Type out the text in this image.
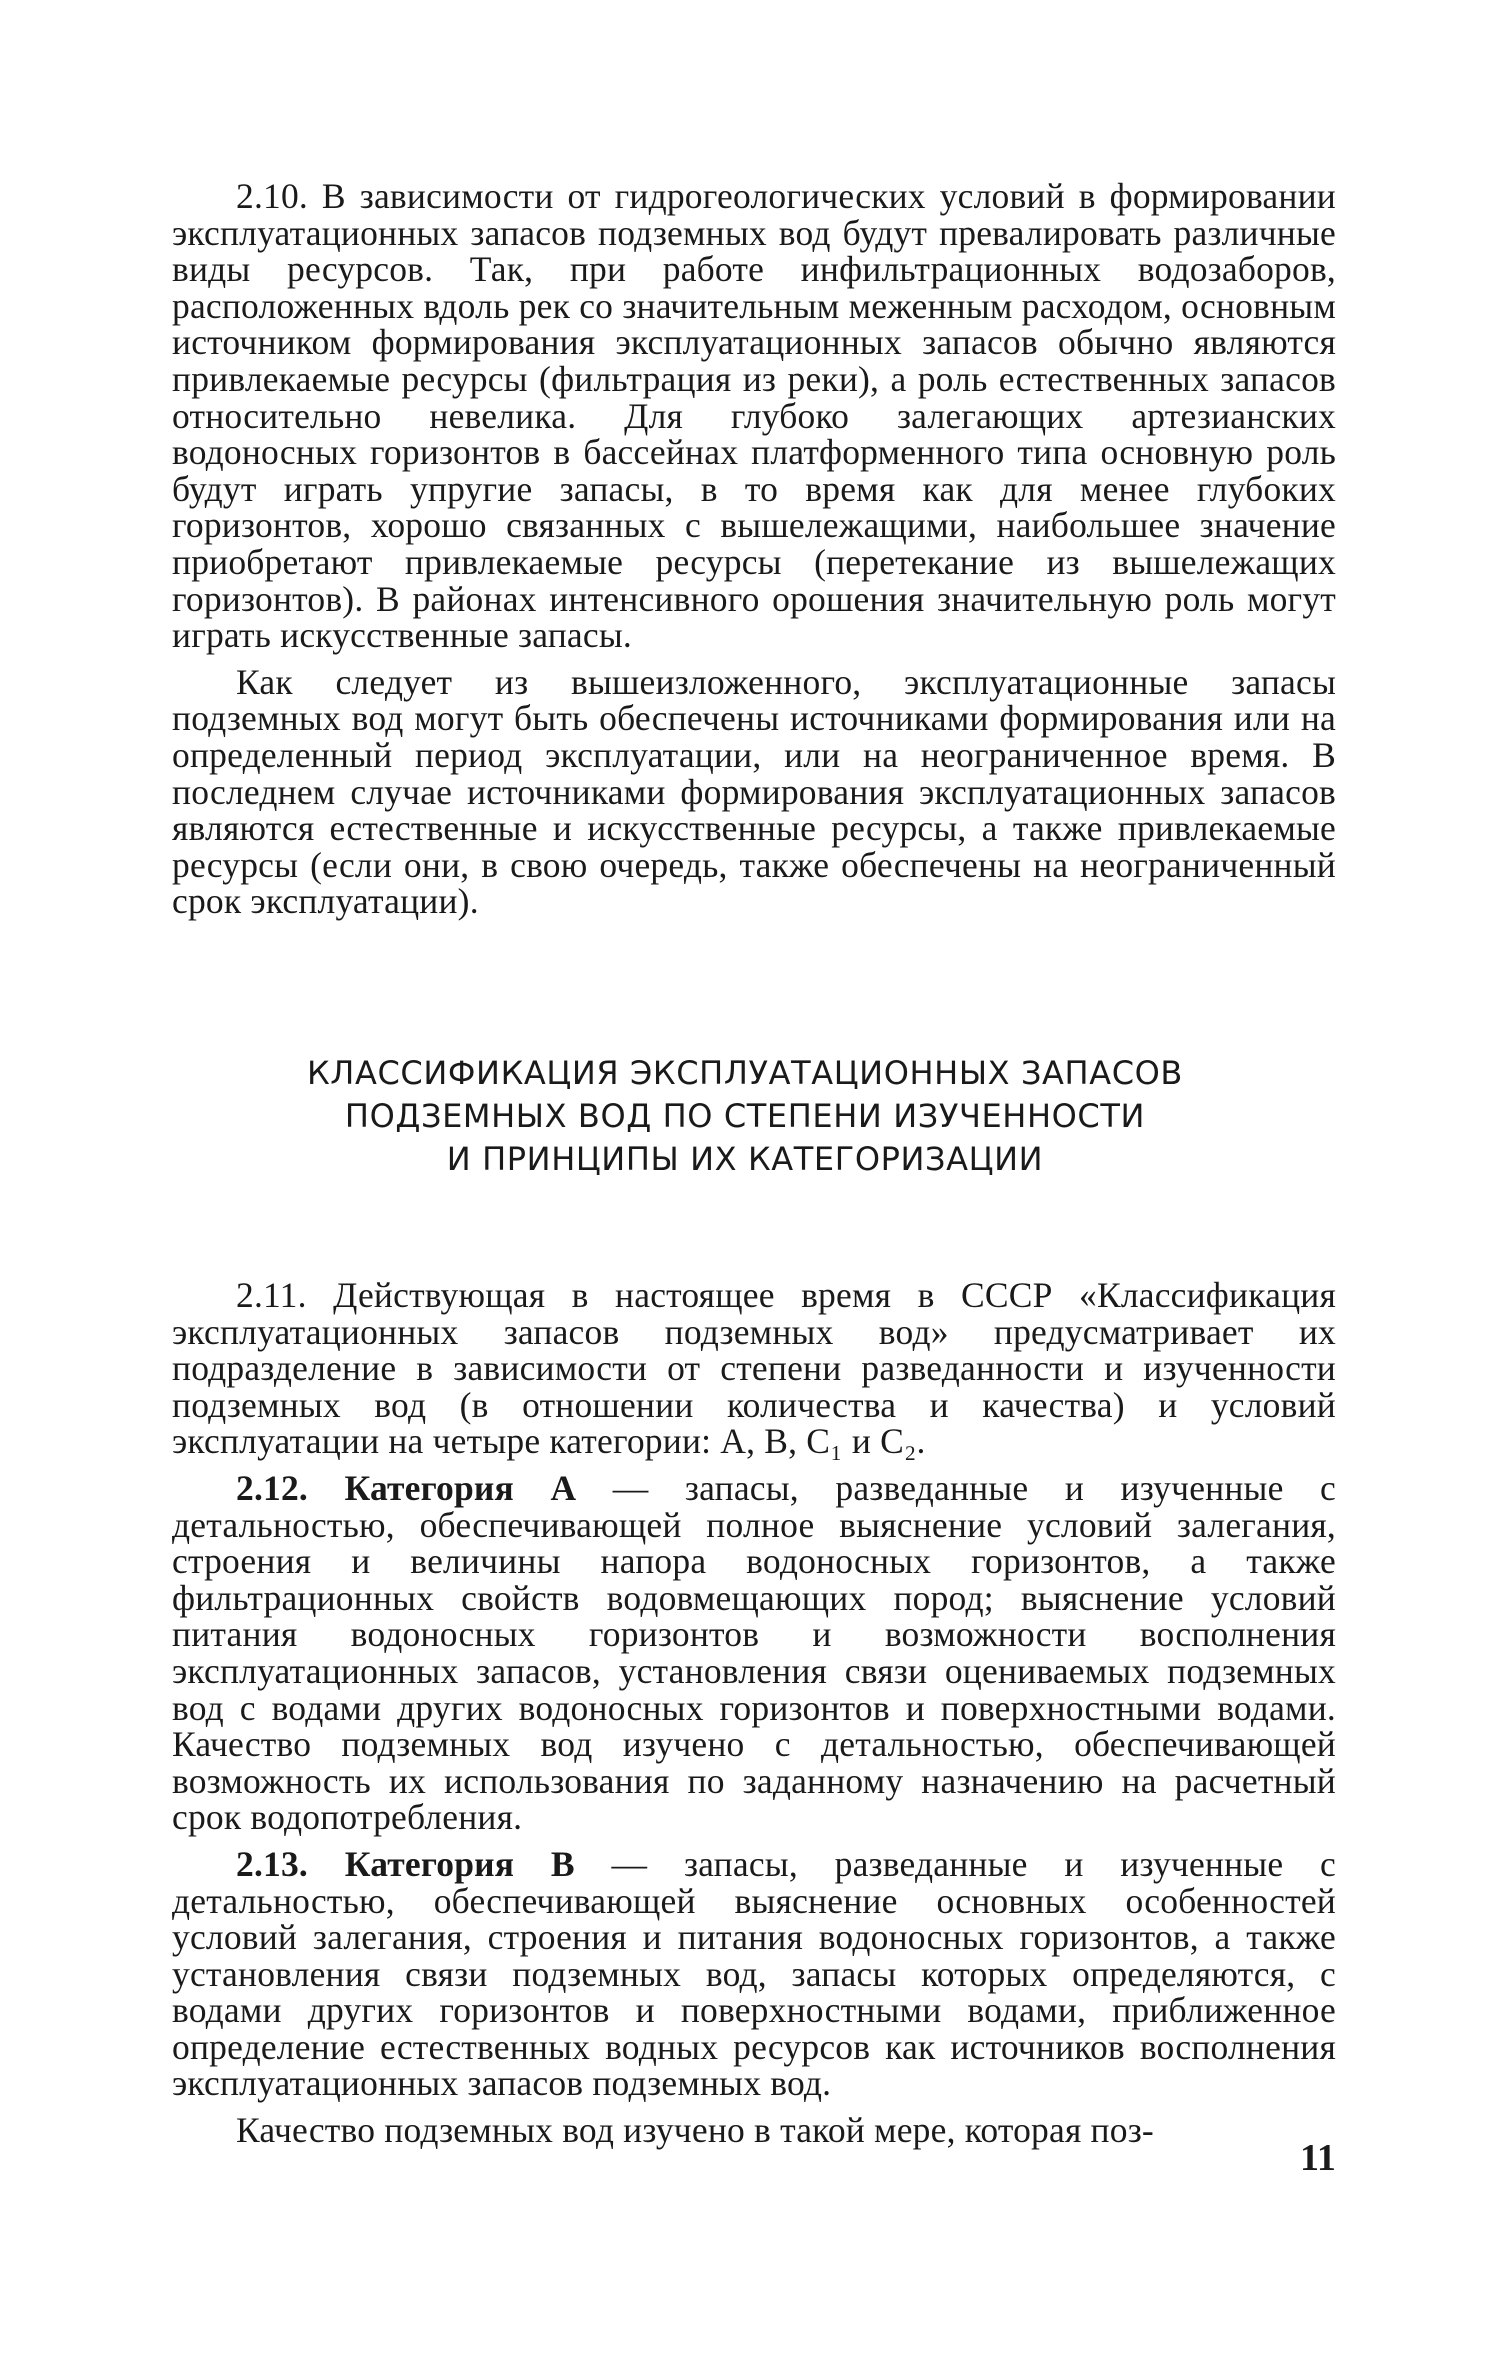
2.10. В зависимости от гидрогеологических условий в формировании эксплуатационных запасов подземных вод будут превалировать различные виды ресурсов. Так, при работе инфильтрационных водозаборов, расположенных вдоль рек со значительным меженным расходом, основным источником формирования эксплуатационных запасов обычно являются привлекаемые ресурсы (фильтрация из реки), а роль естественных запасов относительно невелика. Для глубоко залегающих артезианских водоносных горизонтов в бассейнах платформенного типа основную роль будут играть упругие запасы, в то время как для менее глубоких горизонтов, хорошо связанных с вышележащими, наибольшее значение приобретают привлекаемые ресурсы (перетекание из вышележащих горизонтов). В районах интенсивного орошения значительную роль могут играть искусственные запасы.

Как следует из вышеизложенного, эксплуатационные запасы подземных вод могут быть обеспечены источниками формирования или на определенный период эксплуатации, или на неограниченное время. В последнем случае источниками формирования эксплуатационных запасов являются естественные и искусственные ресурсы, а также привлекаемые ресурсы (если они, в свою очередь, также обеспечены на неограниченный срок эксплуатации).

КЛАССИФИКАЦИЯ ЭКСПЛУАТАЦИОННЫХ ЗАПАСОВ
ПОДЗЕМНЫХ ВОД ПО СТЕПЕНИ ИЗУЧЕННОСТИ
И ПРИНЦИПЫ ИХ КАТЕГОРИЗАЦИИ

2.11. Действующая в настоящее время в СССР «Классификация эксплуатационных запасов подземных вод» предусматривает их подразделение в зависимости от степени разведанности и изученности подземных вод (в отношении количества и качества) и условий эксплуатации на четыре категории: A, B, C₁ и C₂.

2.12. Категория A — запасы, разведанные и изученные с детальностью, обеспечивающей полное выяснение условий залегания, строения и величины напора водоносных горизонтов, а также фильтрационных свойств водовмещающих пород; выяснение условий питания водоносных горизонтов и возможности восполнения эксплуатационных запасов, установления связи оцениваемых подземных вод с водами других водоносных горизонтов и поверхностными водами. Качество подземных вод изучено с детальностью, обеспечивающей возможность их использования по заданному назначению на расчетный срок водопотребления.

2.13. Категория B — запасы, разведанные и изученные с детальностью, обеспечивающей выяснение основных особенностей условий залегания, строения и питания водоносных горизонтов, а также установления связи подземных вод, запасы которых определяются, с водами других горизонтов и поверхностными водами, приближенное определение естественных водных ресурсов как источников восполнения эксплуатационных запасов подземных вод.

Качество подземных вод изучено в такой мере, которая поз-

11
